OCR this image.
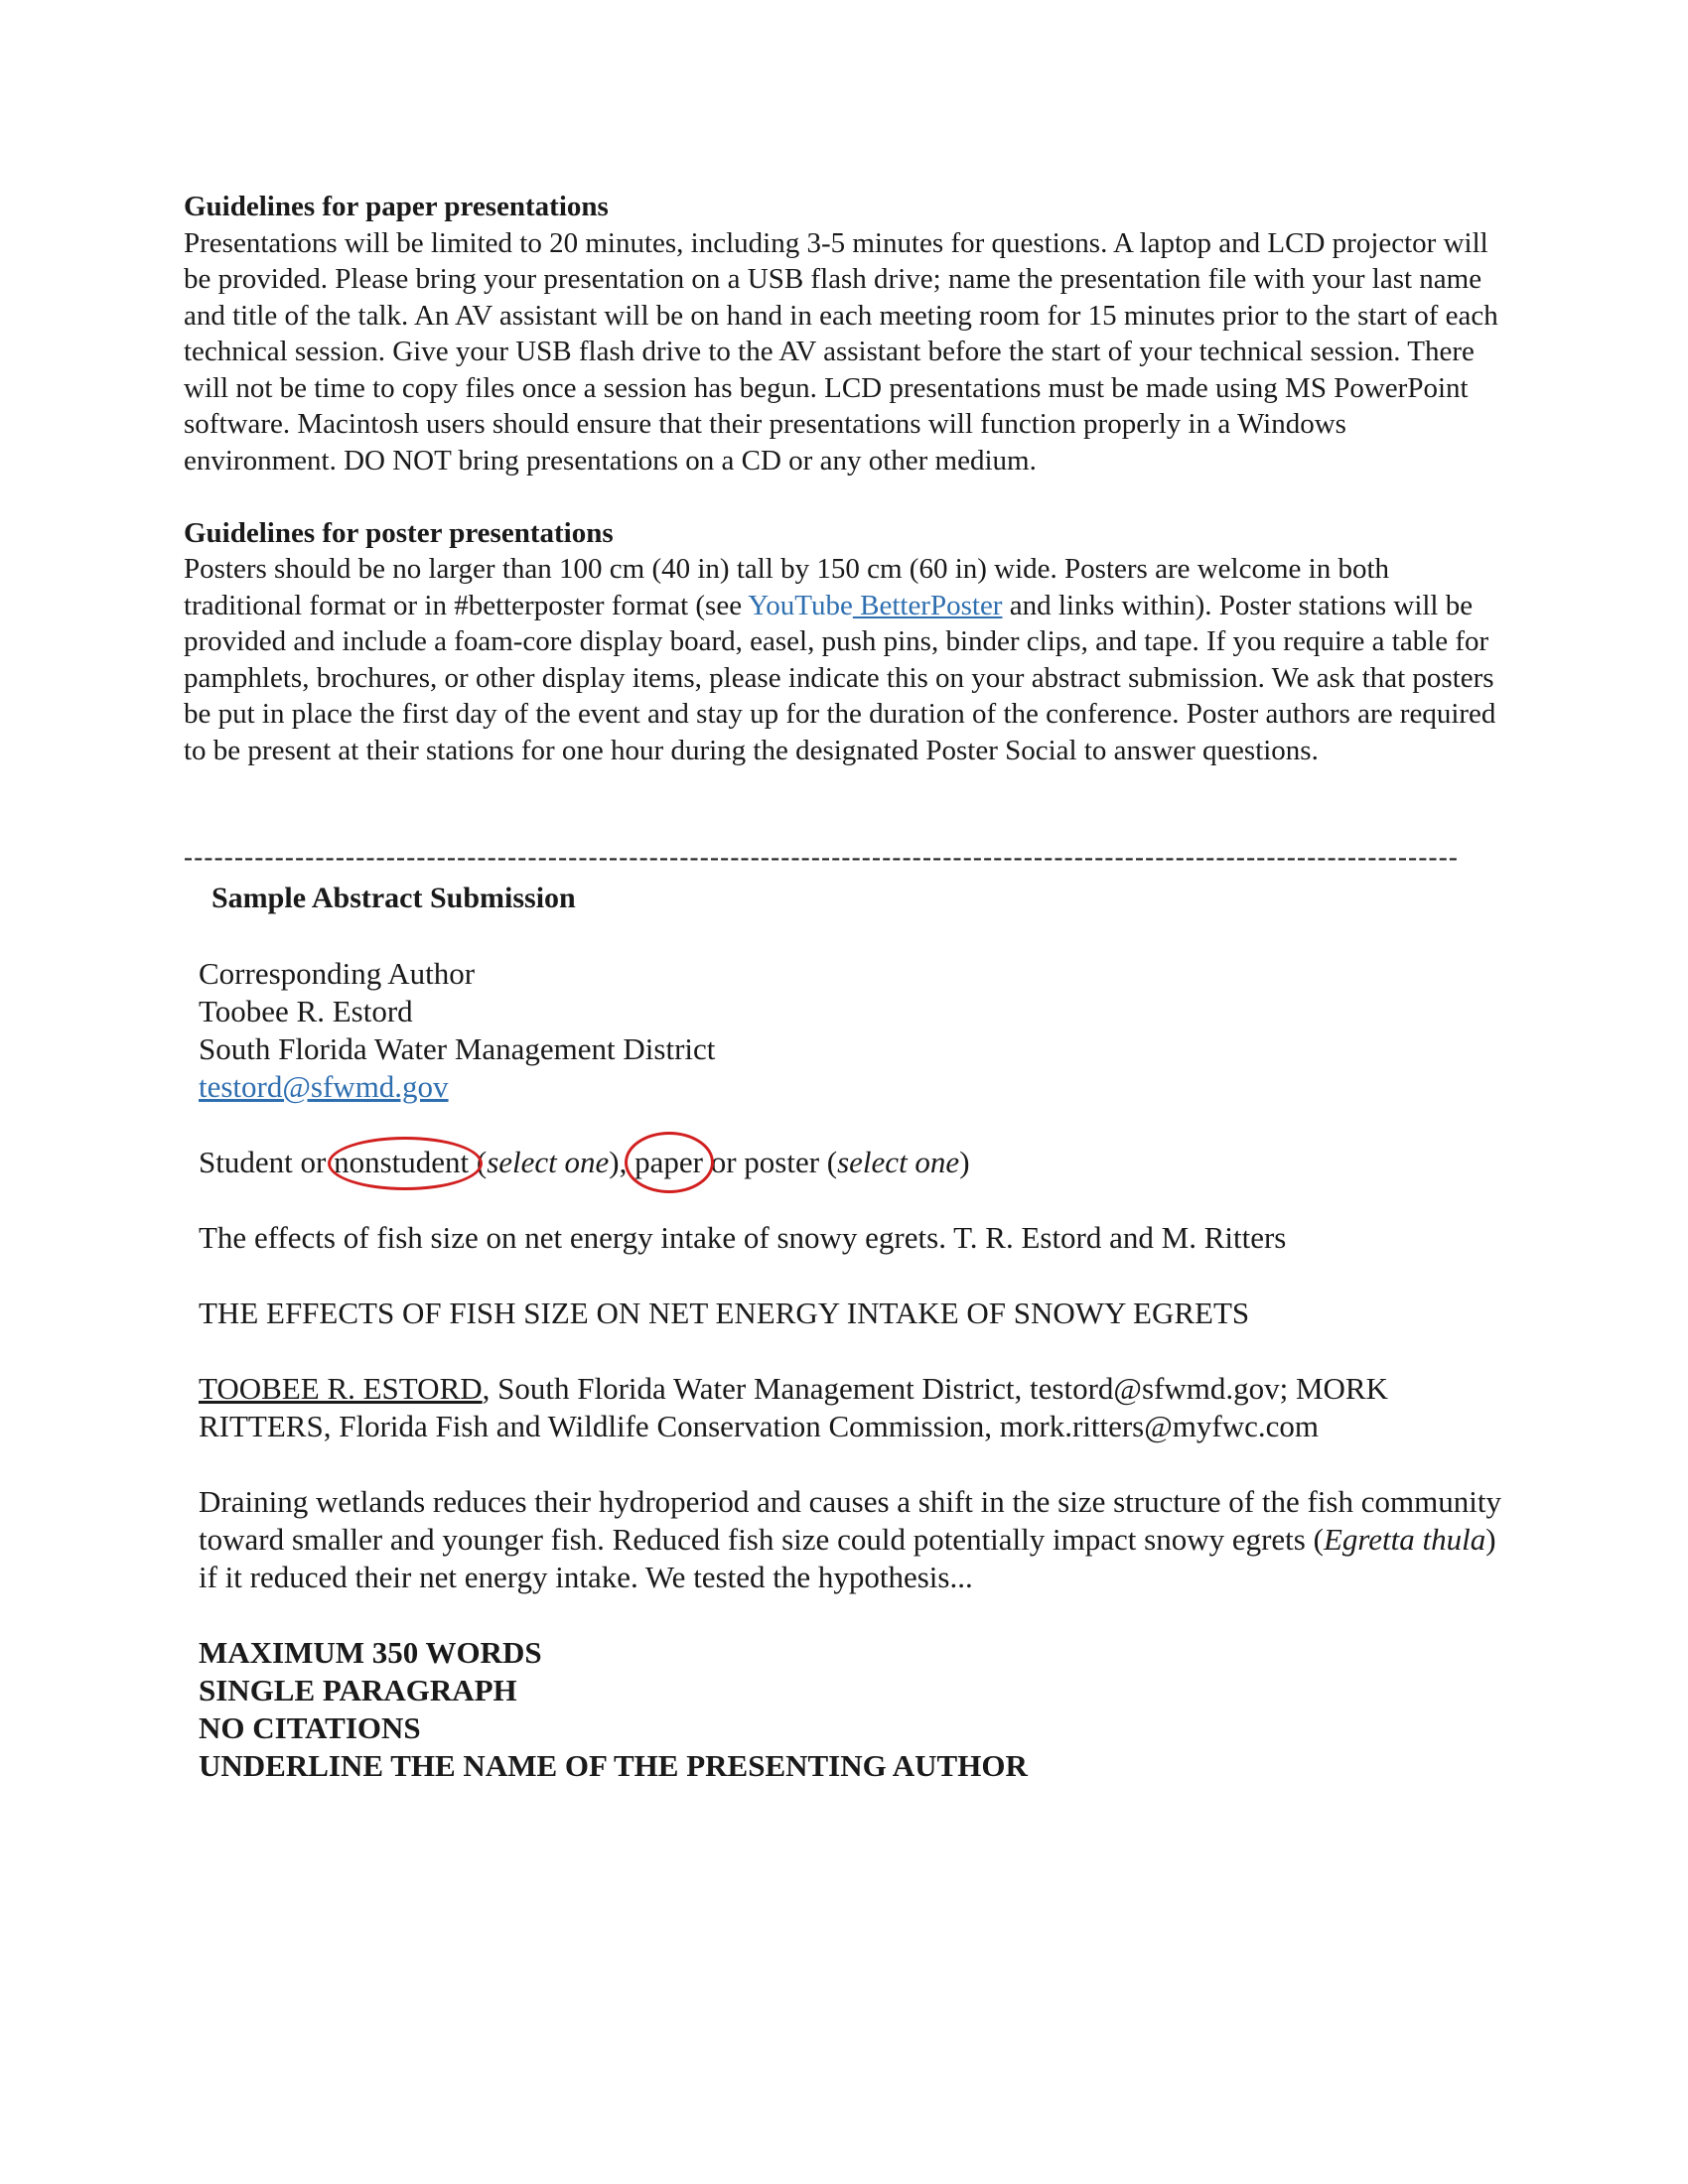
Guidelines for paper presentations

Presentations will be limited to 20 minutes, including 3-5 minutes for questions. A laptop and LCD projector will be provided. Please bring your presentation on a USB flash drive; name the presentation file with your last name and title of the talk. An AV assistant will be on hand in each meeting room for 15 minutes prior to the start of each technical session. Give your USB flash drive to the AV assistant before the start of your technical session. There will not be time to copy files once a session has begun. LCD presentations must be made using MS PowerPoint software. Macintosh users should ensure that their presentations will function properly in a Windows environment. DO NOT bring presentations on a CD or any other medium.

Guidelines for poster presentations

Posters should be no larger than 100 cm (40 in) tall by 150 cm (60 in) wide. Posters are welcome in both traditional format or in #betterposter format (see YouTube BetterPoster and links within). Poster stations will be provided and include a foam-core display board, easel, push pins, binder clips, and tape. If you require a table for pamphlets, brochures, or other display items, please indicate this on your abstract submission. We ask that posters be put in place the first day of the event and stay up for the duration of the conference. Poster authors are required to be present at their stations for one hour during the designated Poster Social to answer questions.

------------------------------------------------------------------------------------------------------------------------------

Sample Abstract Submission

Corresponding Author

Toobee R. Estord

South Florida Water Management District

testord@sfwmd.gov

Student or nonstudent
(select one), paper
or poster (select one)

The effects of fish size on net energy intake of snowy egrets. T. R. Estord and M. Ritters

THE EFFECTS OF FISH SIZE ON NET ENERGY INTAKE OF SNOWY EGRETS

TOOBEE R. ESTORD, South Florida Water Management District, testord@sfwmd.gov; MORK RITTERS, Florida Fish and Wildlife Conservation Commission, mork.ritters@myfwc.com

Draining wetlands reduces their hydroperiod and causes a shift in the size structure of the fish community toward smaller and younger fish. Reduced fish size could potentially impact snowy egrets (Egretta thula) if it reduced their net energy intake. We tested the hypothesis...

MAXIMUM 350 WORDS

SINGLE PARAGRAPH

NO CITATIONS

UNDERLINE THE NAME OF THE PRESENTING AUTHOR
